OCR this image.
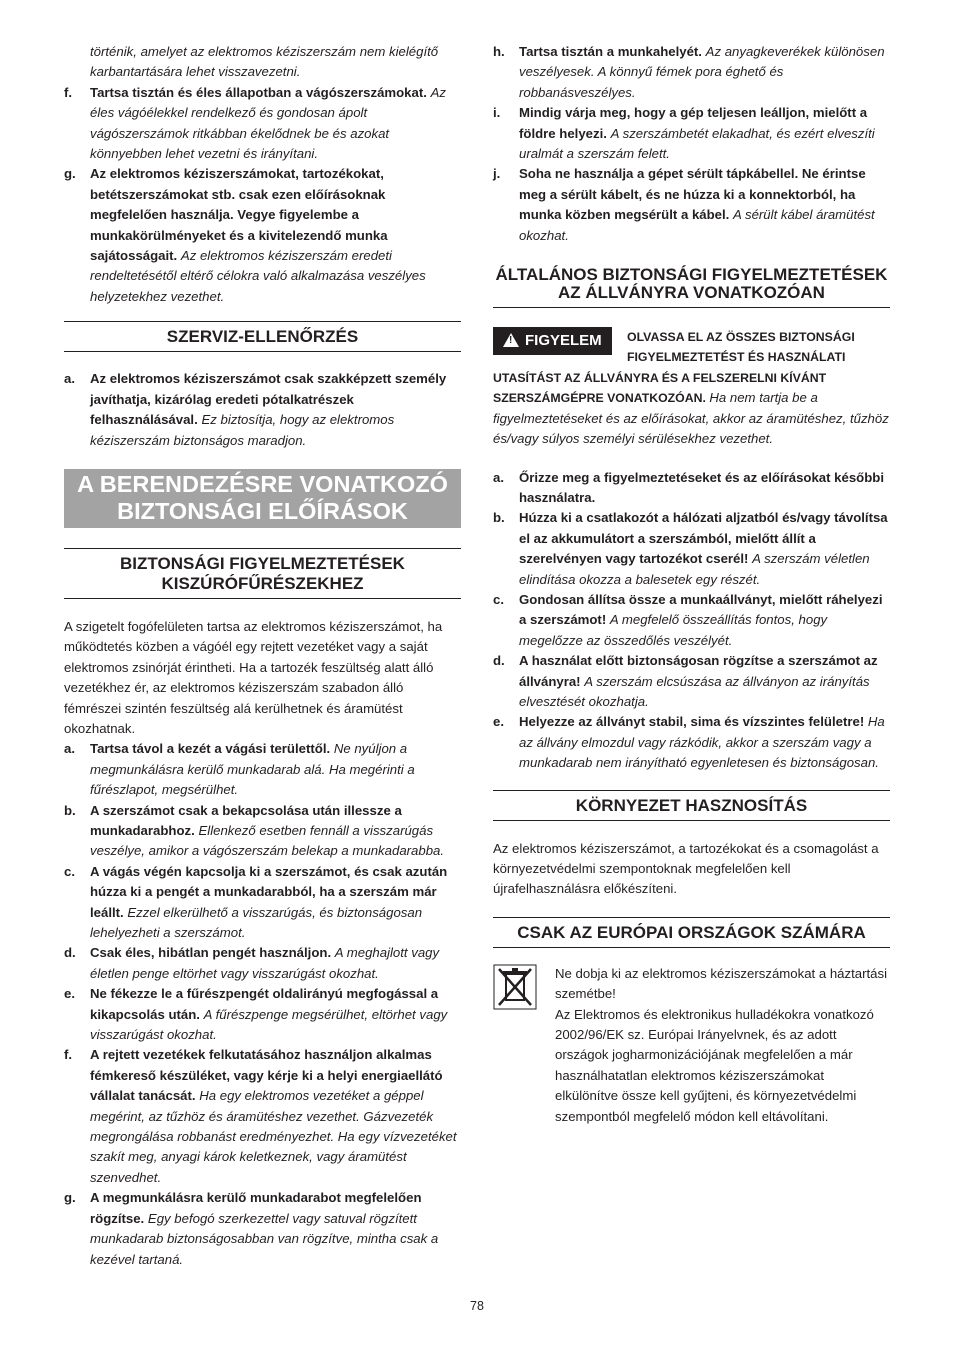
történik, amelyet az elektromos kéziszerszám nem kielégítő

karbantartására lehet visszavezetni.

f. Tartsa tisztán és éles állapotban a vágószerszámokat. Az éles vágóélekkel rendelkező és gondosan ápolt vágószerszámok ritkábban ékelődnek be és azokat könnyebben lehet vezetni és irányítani.
g. Az elektromos kéziszerszámokat, tartozékokat, betétszerszámokat stb. csak ezen előírásoknak megfelelően használja. Vegye figyelembe a munkakörülményeket és a kivitelezendő munka sajátosságait. Az elektromos kéziszerszám eredeti rendeltetésétől eltérő célokra való alkalmazása veszélyes helyzetekhez vezethet.
SZERVIZ-ELLENŐRZÉS
a. Az elektromos kéziszerszámot csak szakképzett személy javíthatja, kizárólag eredeti pótalkatrészek felhasználásával. Ez biztosítja, hogy az elektromos kéziszerszám biztonságos maradjon.
A BERENDEZÉSRE VONATKOZÓ
BIZTONSÁGI ELŐÍRÁSOK
BIZTONSÁGI FIGYELMEZTETÉSEK
KISZÚRÓFŰRÉSZEKHEZ

A szigetelt fogófelületen tartsa az elektromos kéziszerszámot, ha működtetés közben a vágóél egy rejtett vezetéket vagy a saját elektromos zsinórját érintheti. Ha a tartozék feszültség alatt álló vezetékhez ér, az elektromos kéziszerszám szabadon álló fémrészei szintén feszültség alá kerülhetnek és áramütést okozhatnak.

a. Tartsa távol a kezét a vágási területtől. Ne nyúljon a megmunkálásra kerülő munkadarab alá. Ha megérinti a fűrészlapot, megsérülhet.
b. A szerszámot csak a bekapcsolása után illessze a munkadarabhoz. Ellenkező esetben fennáll a visszarúgás veszélye, amikor a vágószerszám belekap a munkadarabba.
c. A vágás végén kapcsolja ki a szerszámot, és csak azután húzza ki a pengét a munkadarabból, ha a szerszám már leállt. Ezzel elkerülhető a visszarúgás, és biztonságosan lehelyezheti a szerszámot.
d. Csak éles, hibátlan pengét használjon. A meghajlott vagy életlen penge eltörhet vagy visszarúgást okozhat.
e. Ne fékezze le a fűrészpengét oldalirányú megfogással a kikapcsolás után. A fűrészpenge megsérülhet, eltörhet vagy visszarúgást okozhat.
f. A rejtett vezetékek felkutatásához használjon alkalmas fémkereső készüléket, vagy kérje ki a helyi energiaellátó vállalat tanácsát. Ha egy elektromos vezetéket a géppel megérint, az tűzhöz és áramütéshez vezethet. Gázvezeték megrongálása robbanást eredményezhet. Ha egy vízvezetéket szakít meg, anyagi károk keletkeznek, vagy áramütést szenvedhet.
g. A megmunkálásra kerülő munkadarabot megfelelően rögzítse. Egy befogó szerkezettel vagy satuval rögzített munkadarab biztonságosabban van rögzítve, mintha csak a kezével tartaná.
h. Tartsa tisztán a munkahelyét. Az anyagkeverékek különösen veszélyesek. A könnyű fémek pora éghető és robbanásveszélyes.
i. Mindig várja meg, hogy a gép teljesen leálljon, mielőtt a földre helyezi. A szerszámbetét elakadhat, és ezért elveszíti uralmát a szerszám felett.
j. Soha ne használja a gépet sérült tápkábellel. Ne érintse meg a sérült kábelt, és ne húzza ki a konnektorból, ha munka közben megsérült a kábel. A sérült kábel áramütést okozhat.
ÁLTALÁNOS BIZTONSÁGI FIGYELMEZTETÉSEK
AZ ÁLLVÁNYRA VONATKOZÓAN
! FIGYELEM	OLVASSA EL AZ ÖSSZES BIZTONSÁGI
FIGYELMEZTETÉST ÉS HASZNÁLATI
UTASÍTÁST AZ ÁLLVÁNYRA ÉS A FELSZERELNI KÍVÁNT SZERSZÁMGÉPRE VONATKOZÓAN. Ha nem tartja be a figyelmeztetéseket és az előírásokat, akkor az áramütéshez, tűzhöz és/vagy súlyos személyi sérülésekhez vezethet.
a. Őrizze meg a figyelmeztetéseket és az előírásokat későbbi használatra.
b. Húzza ki a csatlakozót a hálózati aljzatból és/vagy távolítsa el az akkumulátort a szerszámból, mielőtt állít a szerelvényen vagy tartozékot cserél! A szerszám véletlen elindítása okozza a balesetek egy részét.
c. Gondosan állítsa össze a munkaállványt, mielőtt ráhelyezi a szerszámot! A megfelelő összeállítás fontos, hogy megelőzze az összedőlés veszélyét.
d. A használat előtt biztonságosan rögzítse a szerszámot az állványra! A szerszám elcsúszása az állványon az irányítás elvesztését okozhatja.
e. Helyezze az állványt stabil, sima és vízszintes felületre! Ha az állvány elmozdul vagy rázkódik, akkor a szerszám vagy a munkadarab nem irányítható egyenletesen és biztonságosan.
KÖRNYEZET HASZNOSÍTÁS

Az elektromos kéziszerszámot, a tartozékokat és a csomagolást a környezetvédelmi szempontoknak megfelelően kell újrafelhasználásra előkészíteni.

CSAK AZ EURÓPAI ORSZÁGOK SZÁMÁRA

Ne dobja ki az elektromos kéziszerszámokat a háztartási szemétbe!

Az Elektromos és elektronikus hulladékokra vonatkozó 2002/96/EK sz. Európai Irányelvnek, és az adott országok jogharmonizációjának megfelelően a már használhatatlan elektromos kéziszerszámokat elkülönítve össze kell gyűjteni, és környezetvédelmi szempontból megfelelő módon kell eltávolítani.

78
